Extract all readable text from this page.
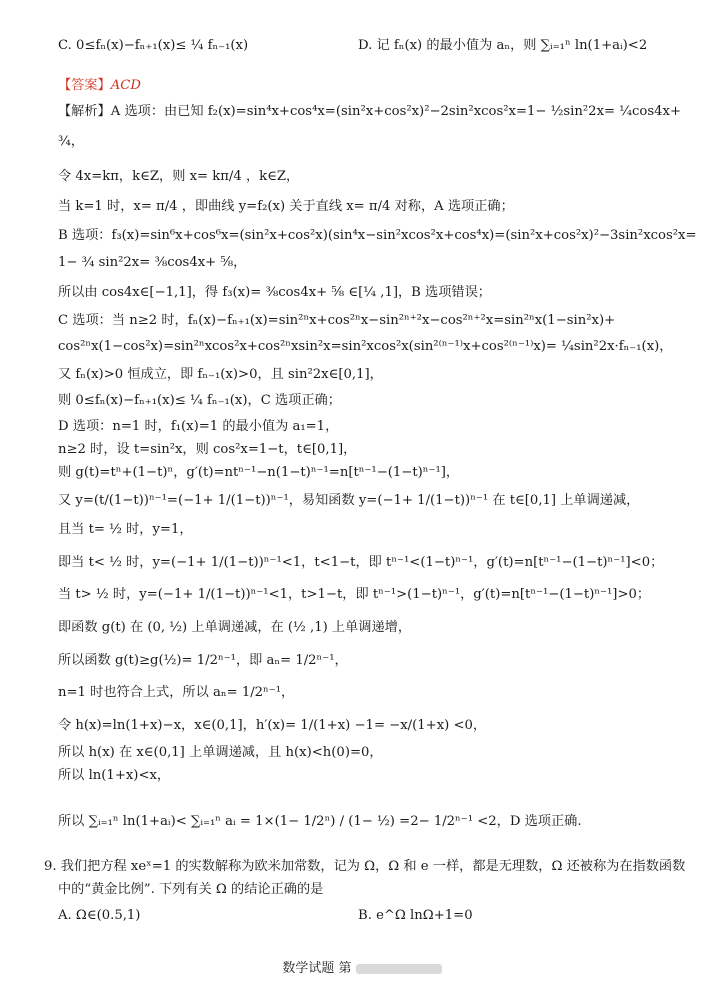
C. 0≤fₙ(x)−fₙ₊₁(x)≤ ¼ fₙ₋₁(x)	D. 记 fₙ(x) 的最小值为 aₙ，则 ∑ᵢ₌₁ⁿ ln(1+aᵢ)<2
【答案】ACD
【解析】A 选项：由已知 f₂(x)=sin⁴x+cos⁴x=(sin²x+cos²x)²−2sin²xcos²x=1− ½sin²2x= ¼cos4x+
¾，
令 4x=kπ，k∈Z，则 x= kπ/4 ，k∈Z，
当 k=1 时，x= π/4 ，即曲线 y=f₂(x) 关于直线 x= π/4 对称，A 选项正确；
B 选项：f₃(x)=sin⁶x+cos⁶x=(sin²x+cos²x)(sin⁴x−sin²xcos²x+cos⁴x)=(sin²x+cos²x)²−3sin²xcos²x=
1− ¾ sin²2x= ⅜cos4x+ ⅝，
所以由 cos4x∈[−1,1]，得 f₃(x)= ⅜cos4x+ ⅝ ∈[¼ ,1]，B 选项错误；
C 选项：当 n≥2 时，fₙ(x)−fₙ₊₁(x)=sin²ⁿx+cos²ⁿx−sin²ⁿ⁺²x−cos²ⁿ⁺²x=sin²ⁿx(1−sin²x)+
cos²ⁿx(1−cos²x)=sin²ⁿxcos²x+cos²ⁿxsin²x=sin²xcos²x(sin²⁽ⁿ⁻¹⁾x+cos²⁽ⁿ⁻¹⁾x)= ¼sin²2x·fₙ₋₁(x)，
又 fₙ(x)>0 恒成立，即 fₙ₋₁(x)>0，且 sin²2x∈[0,1]，
则 0≤fₙ(x)−fₙ₊₁(x)≤ ¼ fₙ₋₁(x)，C 选项正确；
D 选项：n=1 时，f₁(x)=1 的最小值为 a₁=1，
n≥2 时，设 t=sin²x，则 cos²x=1−t，t∈[0,1]，
则 g(t)=tⁿ+(1−t)ⁿ，g′(t)=ntⁿ⁻¹−n(1−t)ⁿ⁻¹=n[tⁿ⁻¹−(1−t)ⁿ⁻¹]，
又 y=(t/(1−t))ⁿ⁻¹=(−1+ 1/(1−t))ⁿ⁻¹，易知函数 y=(−1+ 1/(1−t))ⁿ⁻¹ 在 t∈[0,1] 上单调递减，
且当 t= ½ 时，y=1，
即当 t< ½ 时，y=(−1+ 1/(1−t))ⁿ⁻¹<1，t<1−t，即 tⁿ⁻¹<(1−t)ⁿ⁻¹，g′(t)=n[tⁿ⁻¹−(1−t)ⁿ⁻¹]<0；
当 t> ½ 时，y=(−1+ 1/(1−t))ⁿ⁻¹<1，t>1−t，即 tⁿ⁻¹>(1−t)ⁿ⁻¹，g′(t)=n[tⁿ⁻¹−(1−t)ⁿ⁻¹]>0；
即函数 g(t) 在 (0, ½) 上单调递减，在 (½ ,1) 上单调递增，
所以函数 g(t)≥g(½)= 1/2ⁿ⁻¹，即 aₙ= 1/2ⁿ⁻¹，
n=1 时也符合上式，所以 aₙ= 1/2ⁿ⁻¹，
令 h(x)=ln(1+x)−x，x∈(0,1]，h′(x)= 1/(1+x) −1= −x/(1+x) <0，
所以 h(x) 在 x∈(0,1] 上单调递减，且 h(x)<h(0)=0，
所以 ln(1+x)<x，
所以 ∑ᵢ₌₁ⁿ ln(1+aᵢ)< ∑ᵢ₌₁ⁿ aᵢ = 1×(1− 1/2ⁿ) / (1− ½) =2− 1/2ⁿ⁻¹ <2，D 选项正确.
9. 我们把方程 xeˣ=1 的实数解称为欧米加常数，记为 Ω，Ω 和 e 一样，都是无理数，Ω 还被称为在指数函数
中的“黄金比例”. 下列有关 Ω 的结论正确的是
A. Ω∈(0.5,1)	B. e^Ω lnΩ+1=0
数学试题 第
